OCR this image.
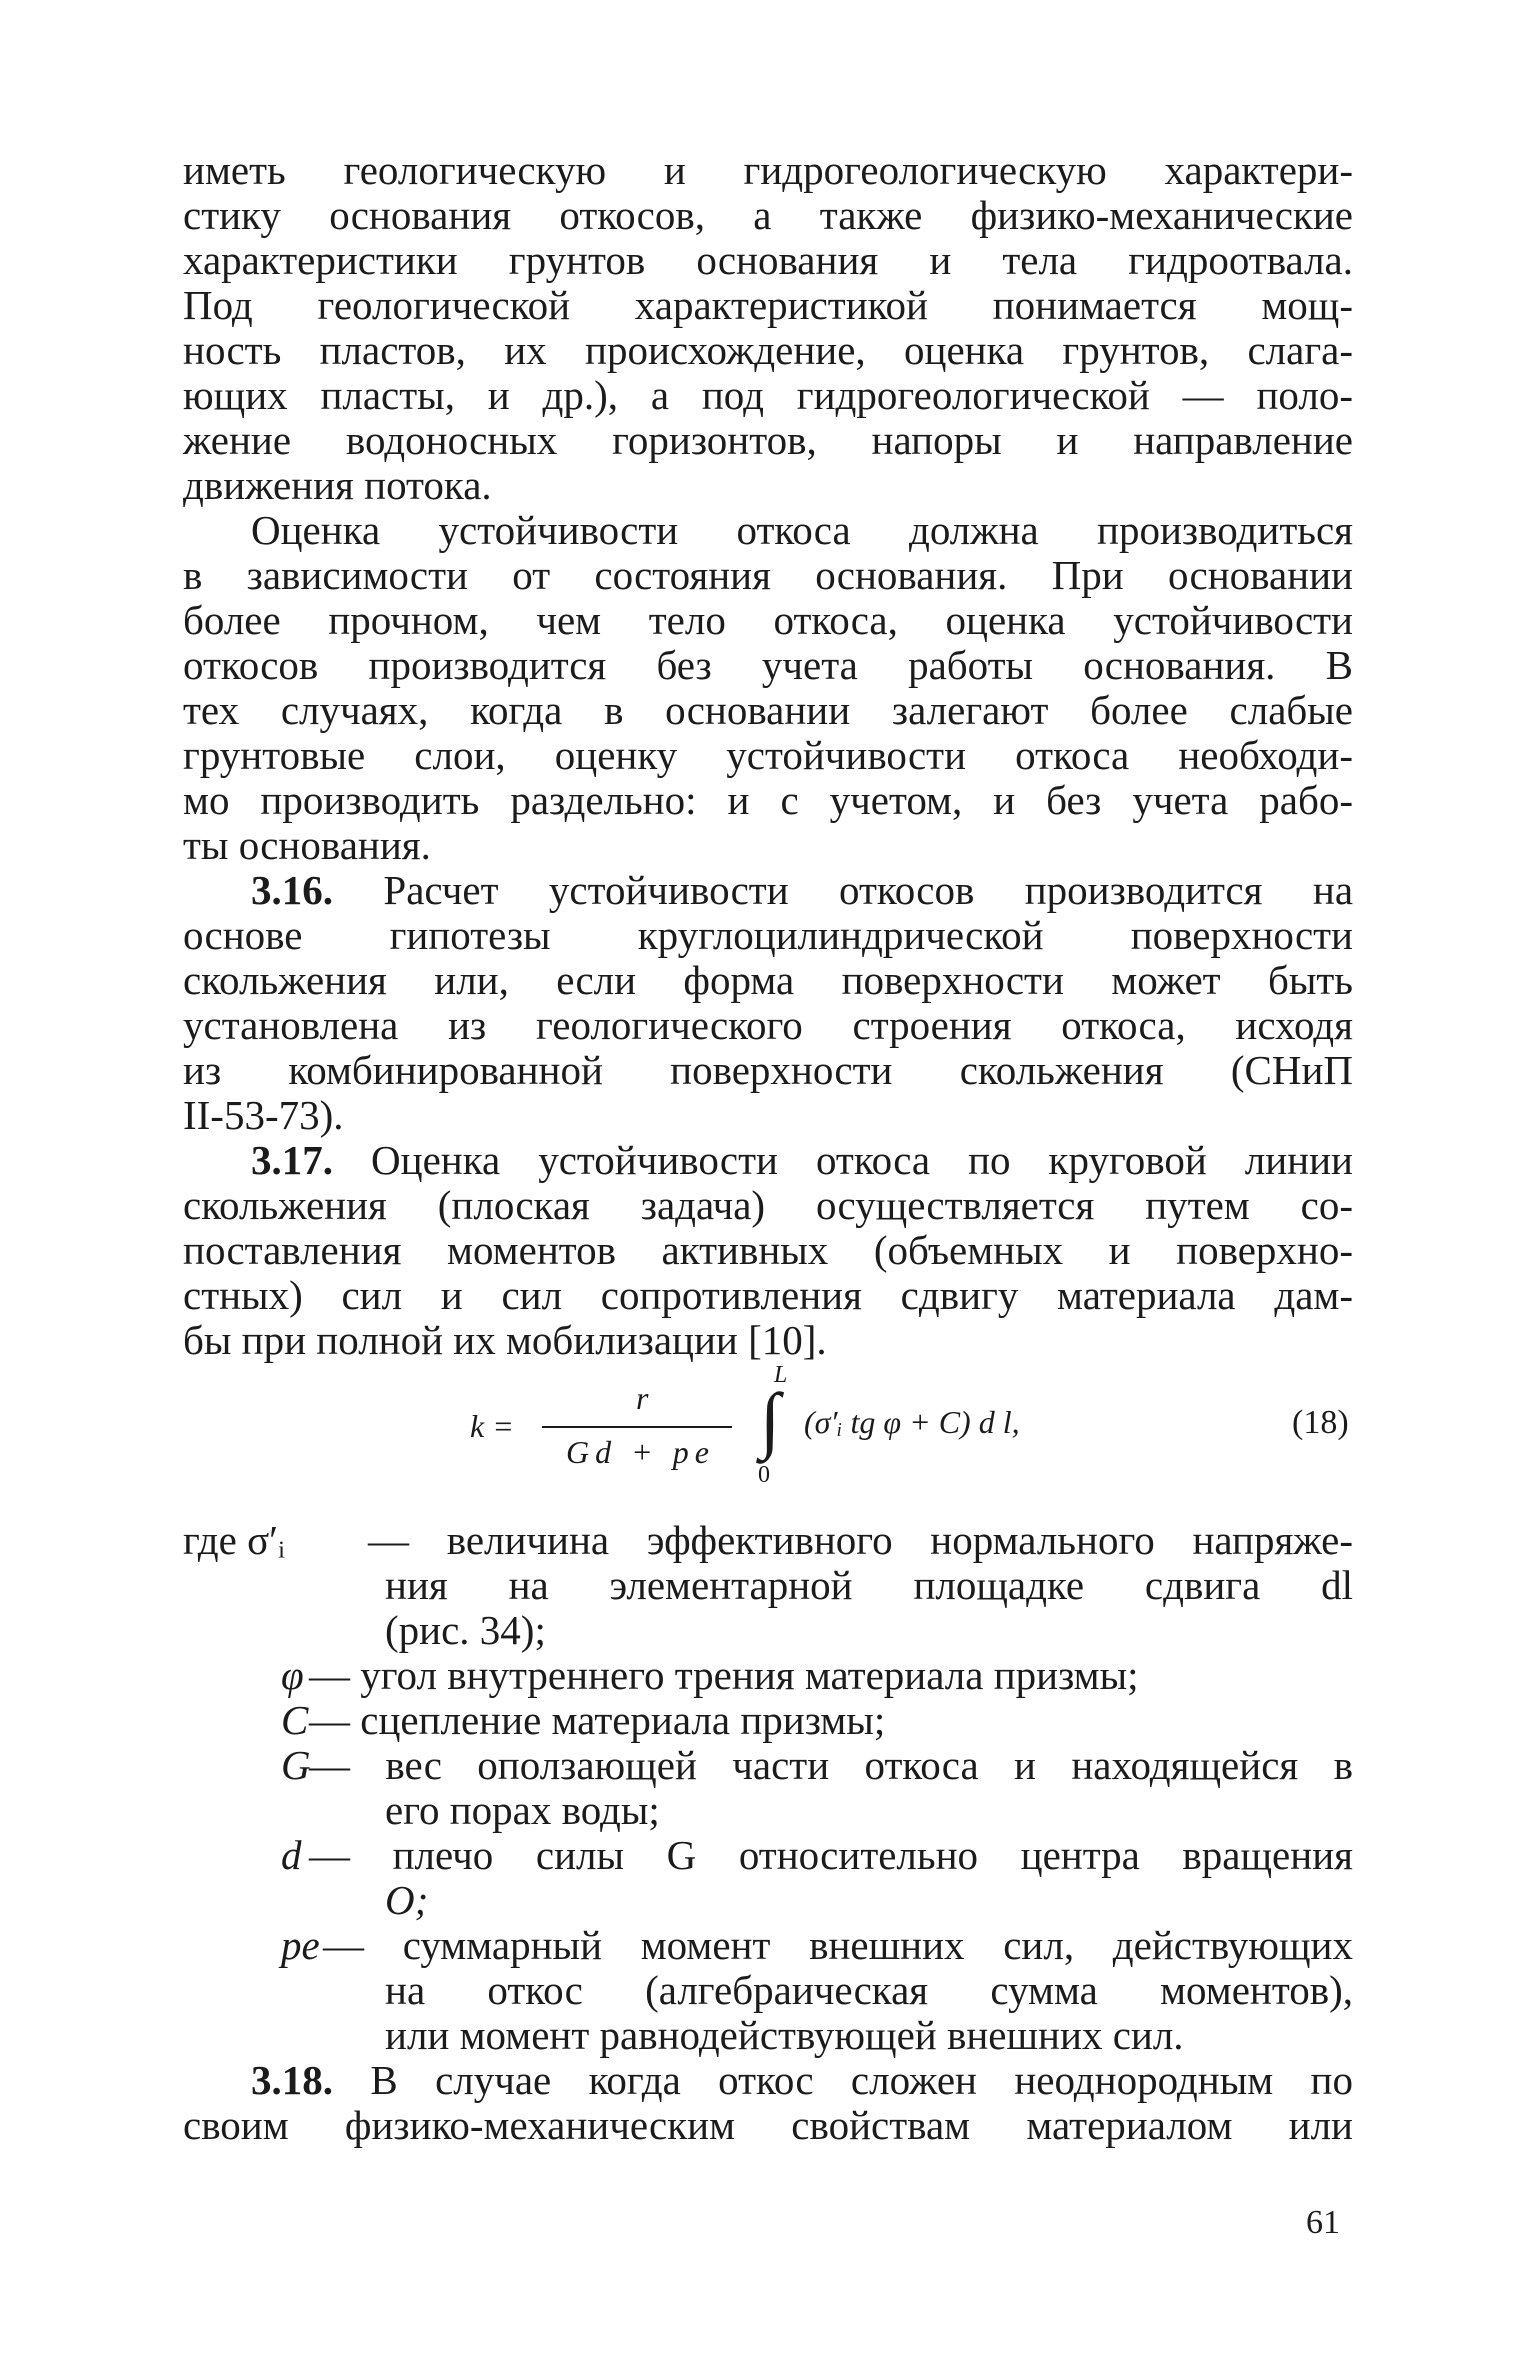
иметь геологическую и гидрогеологическую характери-
стику основания откосов, а также физико-механические
характеристики грунтов основания и тела гидроотвала.
Под геологической характеристикой понимается мощ-
ность пластов, их происхождение, оценка грунтов, слага-
ющих пласты, и др.), а под гидрогеологической — поло-
жение водоносных горизонтов, напоры и направление
движения потока.
Оценка устойчивости откоса должна производиться
в зависимости от состояния основания. При основании
более прочном, чем тело откоса, оценка устойчивости
откосов производится без учета работы основания. В
тех случаях, когда в основании залегают более слабые
грунтовые слои, оценку устойчивости откоса необходи-
мо производить раздельно: и с учетом, и без учета рабо-
ты основания.
3.16. Расчет устойчивости откосов производится на
основе гипотезы круглоцилиндрической поверхности
скольжения или, если форма поверхности может быть
установлена из геологического строения откоса, исходя
из комбинированной поверхности скольжения (СНиП
II-53-73).
3.17. Оценка устойчивости откоса по круговой линии
скольжения (плоская задача) осуществляется путем со-
поставления моментов активных (объемных и поверхно-
стных) сил и сил сопротивления сдвигу материала дам-
бы при полной их мобилизации [10].
k =
r
Gd + pe
L
∫
0
(σ′ᵢ tg φ + C) d l,	(18)
где σ′ᵢ — величина эффективного нормального напряже-
ния на элементарной площадке сдвига dl
(рис. 34);
φ — угол внутреннего трения материала призмы;
C — сцепление материала призмы;
G
— вес оползающей части откоса и находящейся в
его порах воды;
d — плечо силы G относительно центра вращения
O;
pe — суммарный момент внешних сил, действующих
на откос (алгебраическая сумма моментов),
или момент равнодействующей внешних сил.
3.18. В случае когда откос сложен неоднородным по
своим физико-механическим свойствам материалом или
61
